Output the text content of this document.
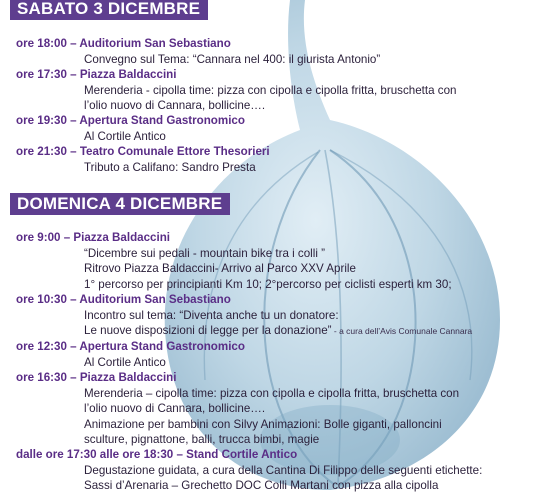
SABATO 3 DICEMBRE
ore 18:00 – Auditorium San Sebastiano
Convegno sul Tema: “Cannara nel 400: il giurista Antonio”
ore 17:30 – Piazza Baldaccini
Merenderia - cipolla time: pizza con cipolla e cipolla fritta, bruschetta con
l’olio nuovo di Cannara, bollicine….
ore 19:30 – Apertura Stand Gastronomico
Al Cortile Antico
ore 21:30 – Teatro Comunale Ettore Thesorieri
Tributo a Califano: Sandro Presta
DOMENICA 4 DICEMBRE
ore 9:00 – Piazza Baldaccini
“Dicembre sui pedali - mountain bike tra i colli ”
Ritrovo Piazza Baldaccini- Arrivo al Parco XXV Aprile
1° percorso per principianti Km 10; 2°percorso per ciclisti esperti km 30;
ore 10:30 – Auditorium San Sebastiano
Incontro sul tema: “Diventa anche tu un donatore:
Le nuove disposizioni di legge per la donazione” - a cura dell’Avis Comunale Cannara
ore 12:30 – Apertura Stand Gastronomico
Al Cortile Antico
ore 16:30 – Piazza Baldaccini
Merenderia – cipolla time: pizza con cipolla e cipolla fritta, bruschetta con
l’olio nuovo di Cannara, bollicine….
Animazione per bambini con Silvy Animazioni: Bolle giganti, palloncini
sculture, pignattone, balli, trucca bimbi, magie
dalle ore 17:30 alle ore 18:30 – Stand Cortile Antico
Degustazione guidata, a cura della Cantina Di Filippo delle seguenti etichette:
Sassi d’Arenaria – Grechetto DOC Colli Martani con pizza alla cipolla
